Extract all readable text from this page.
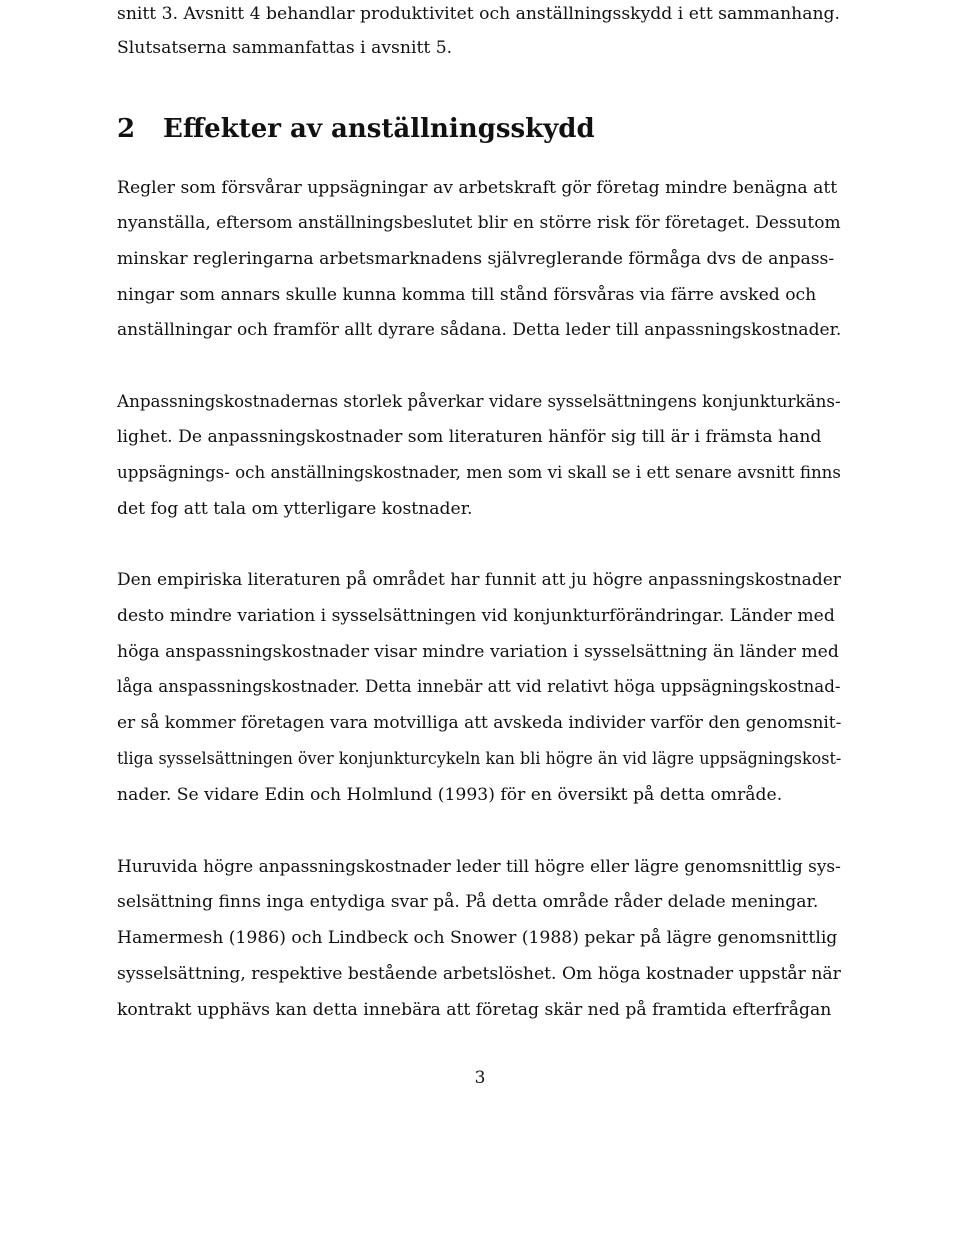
snitt 3. Avsnitt 4 behandlar produktivitet och anställningsskydd i ett sammanhang.
Slutsatserna sammanfattas i avsnitt 5.
2 Effekter av anställningsskydd
Regler som försvårar uppsägningar av arbetskraft gör företag mindre benägna att
nyanställa, eftersom anställningsbeslutet blir en större risk för företaget. Dessutom
minskar regleringarna arbetsmarknadens självreglerande förmåga dvs de anpass-
ningar som annars skulle kunna komma till stånd försvåras via färre avsked och
anställningar och framför allt dyrare sådana. Detta leder till anpassningskostnader.
Anpassningskostnadernas storlek påverkar vidare sysselsättningens konjunkturkäns-
lighet. De anpassningskostnader som literaturen hänför sig till är i främsta hand
uppsägnings- och anställningskostnader, men som vi skall se i ett senare avsnitt finns
det fog att tala om ytterligare kostnader.
Den empiriska literaturen på området har funnit att ju högre anpassningskostnader
desto mindre variation i sysselsättningen vid konjunkturförändringar. Länder med
höga anspassningskostnader visar mindre variation i sysselsättning än länder med
låga anspassningskostnader. Detta innebär att vid relativt höga uppsägningskostnad-
er så kommer företagen vara motvilliga att avskeda individer varför den genomsnit-
tliga sysselsättningen över konjunkturcykeln kan bli högre än vid lägre uppsägningskost-
nader. Se vidare Edin och Holmlund (1993) för en översikt på detta område.
Huruvida högre anpassningskostnader leder till högre eller lägre genomsnittlig sys-
selsättning finns inga entydiga svar på. På detta område råder delade meningar.
Hamermesh (1986) och Lindbeck och Snower (1988) pekar på lägre genomsnittlig
sysselsättning, respektive bestående arbetslöshet. Om höga kostnader uppstår när
kontrakt upphävs kan detta innebära att företag skär ned på framtida efterfrågan
3
